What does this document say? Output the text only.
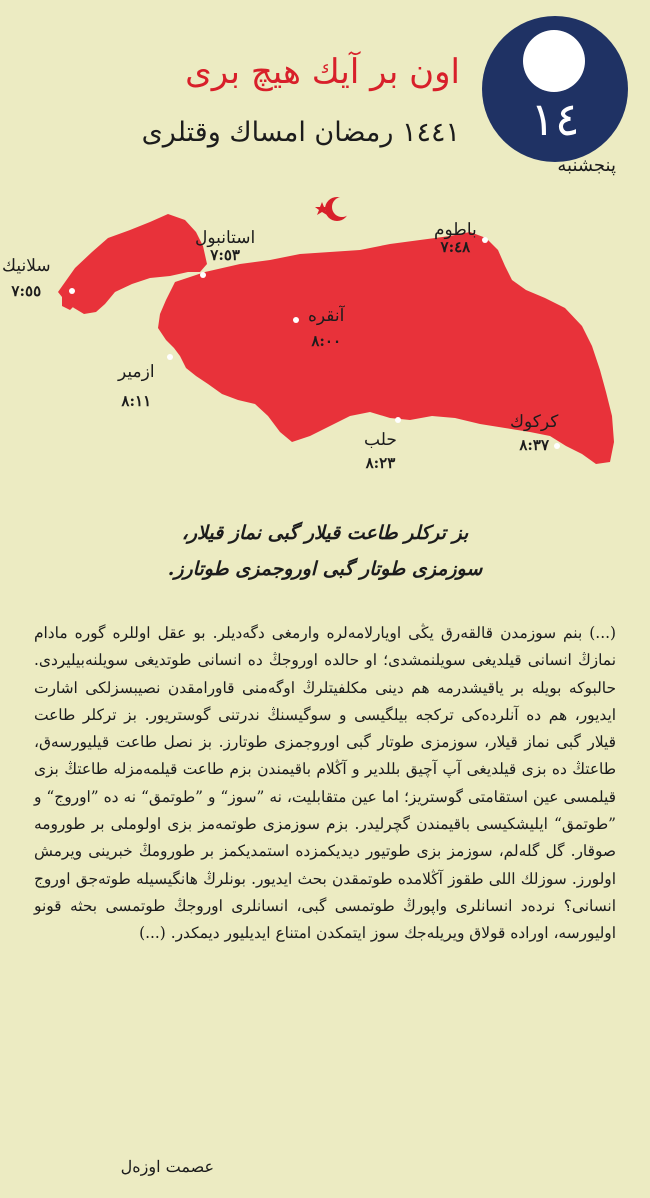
١٤
پنجشنبه
اون بر آيك هيچ برى
١٤٤١ رمضان امساك وقتلرى
سلانيك
٧:٥٥
استانبول
٧:٥٣
باطوم
٧:٤٨
آنقره
٨:٠٠
ازمير
٨:١١
حلب
٨:٢٣
كركوك
٨:٣٧
بز تركلر طاعت قيلار گبى نماز قيلار،
سوزمزى طوتار گبى اوروجمزى طوتارز.
(...) بنم سوزمدن قالقەرق يڭى اويارلامەلرە وارمغى دگەديلر. بو عقل اوللرە گورە مادام نمازڭ انسانى قيلديغى سويلنمشدى؛ او حالدە اوروجڭ دە انسانى طوتديغى سويلنەبيليردى. حالبوكە بويلە بر ياقيشدرمە هم دينى مكلفيتلرڭ اوگەمنى قاورامقدن نصيبسزلكى اشارت ايديور، هم دە آنلردەكى تركجە بيلگيسى و سوگيسنڭ ندرتنى گوستريور. بز تركلر طاعت قيلار گبى نماز قيلار، سوزمزى طوتار گبى اوروجمزى طوتارز. بز نصل طاعت قيليورسەق، طاعتڭ دە بزى قيلديغى آپ آچيق بللدير و آڭلام باقيمندن بزم طاعت قيلمەمزلە طاعتڭ بزى قيلمسى عين استقامتى گوستريز؛ اما عين متقابليت، نە ”سوز“ و ”طوتمق“ نە دە ”اوروج“ و ”طوتمق“ ايليشكيسى باقيمندن گچرليدر. بزم سوزمزى طوتمەمز بزى اولوملى بر طورومە صوقار. گل گلەلم، سوزمز بزى طوتيور ديديكمزدە استمديكمز بر طورومڭ خبرينى ويرمش اولورز. سوزلك اللى طقوز آڭلامدە طوتمقدن بحث ايديور. بونلرڭ هانگيسيلە طوتەجق اوروج انسانى؟ نردەد انسانلرى واپورڭ طوتمسى گبى، انسانلرى اوروجڭ طوتمسى بحثە قونو اوليورسە، اورادە قولاق ويريلەجك سوز ايتمكدن امتناع ايديليور ديمكدر. (...)
عصمت اوزەل
